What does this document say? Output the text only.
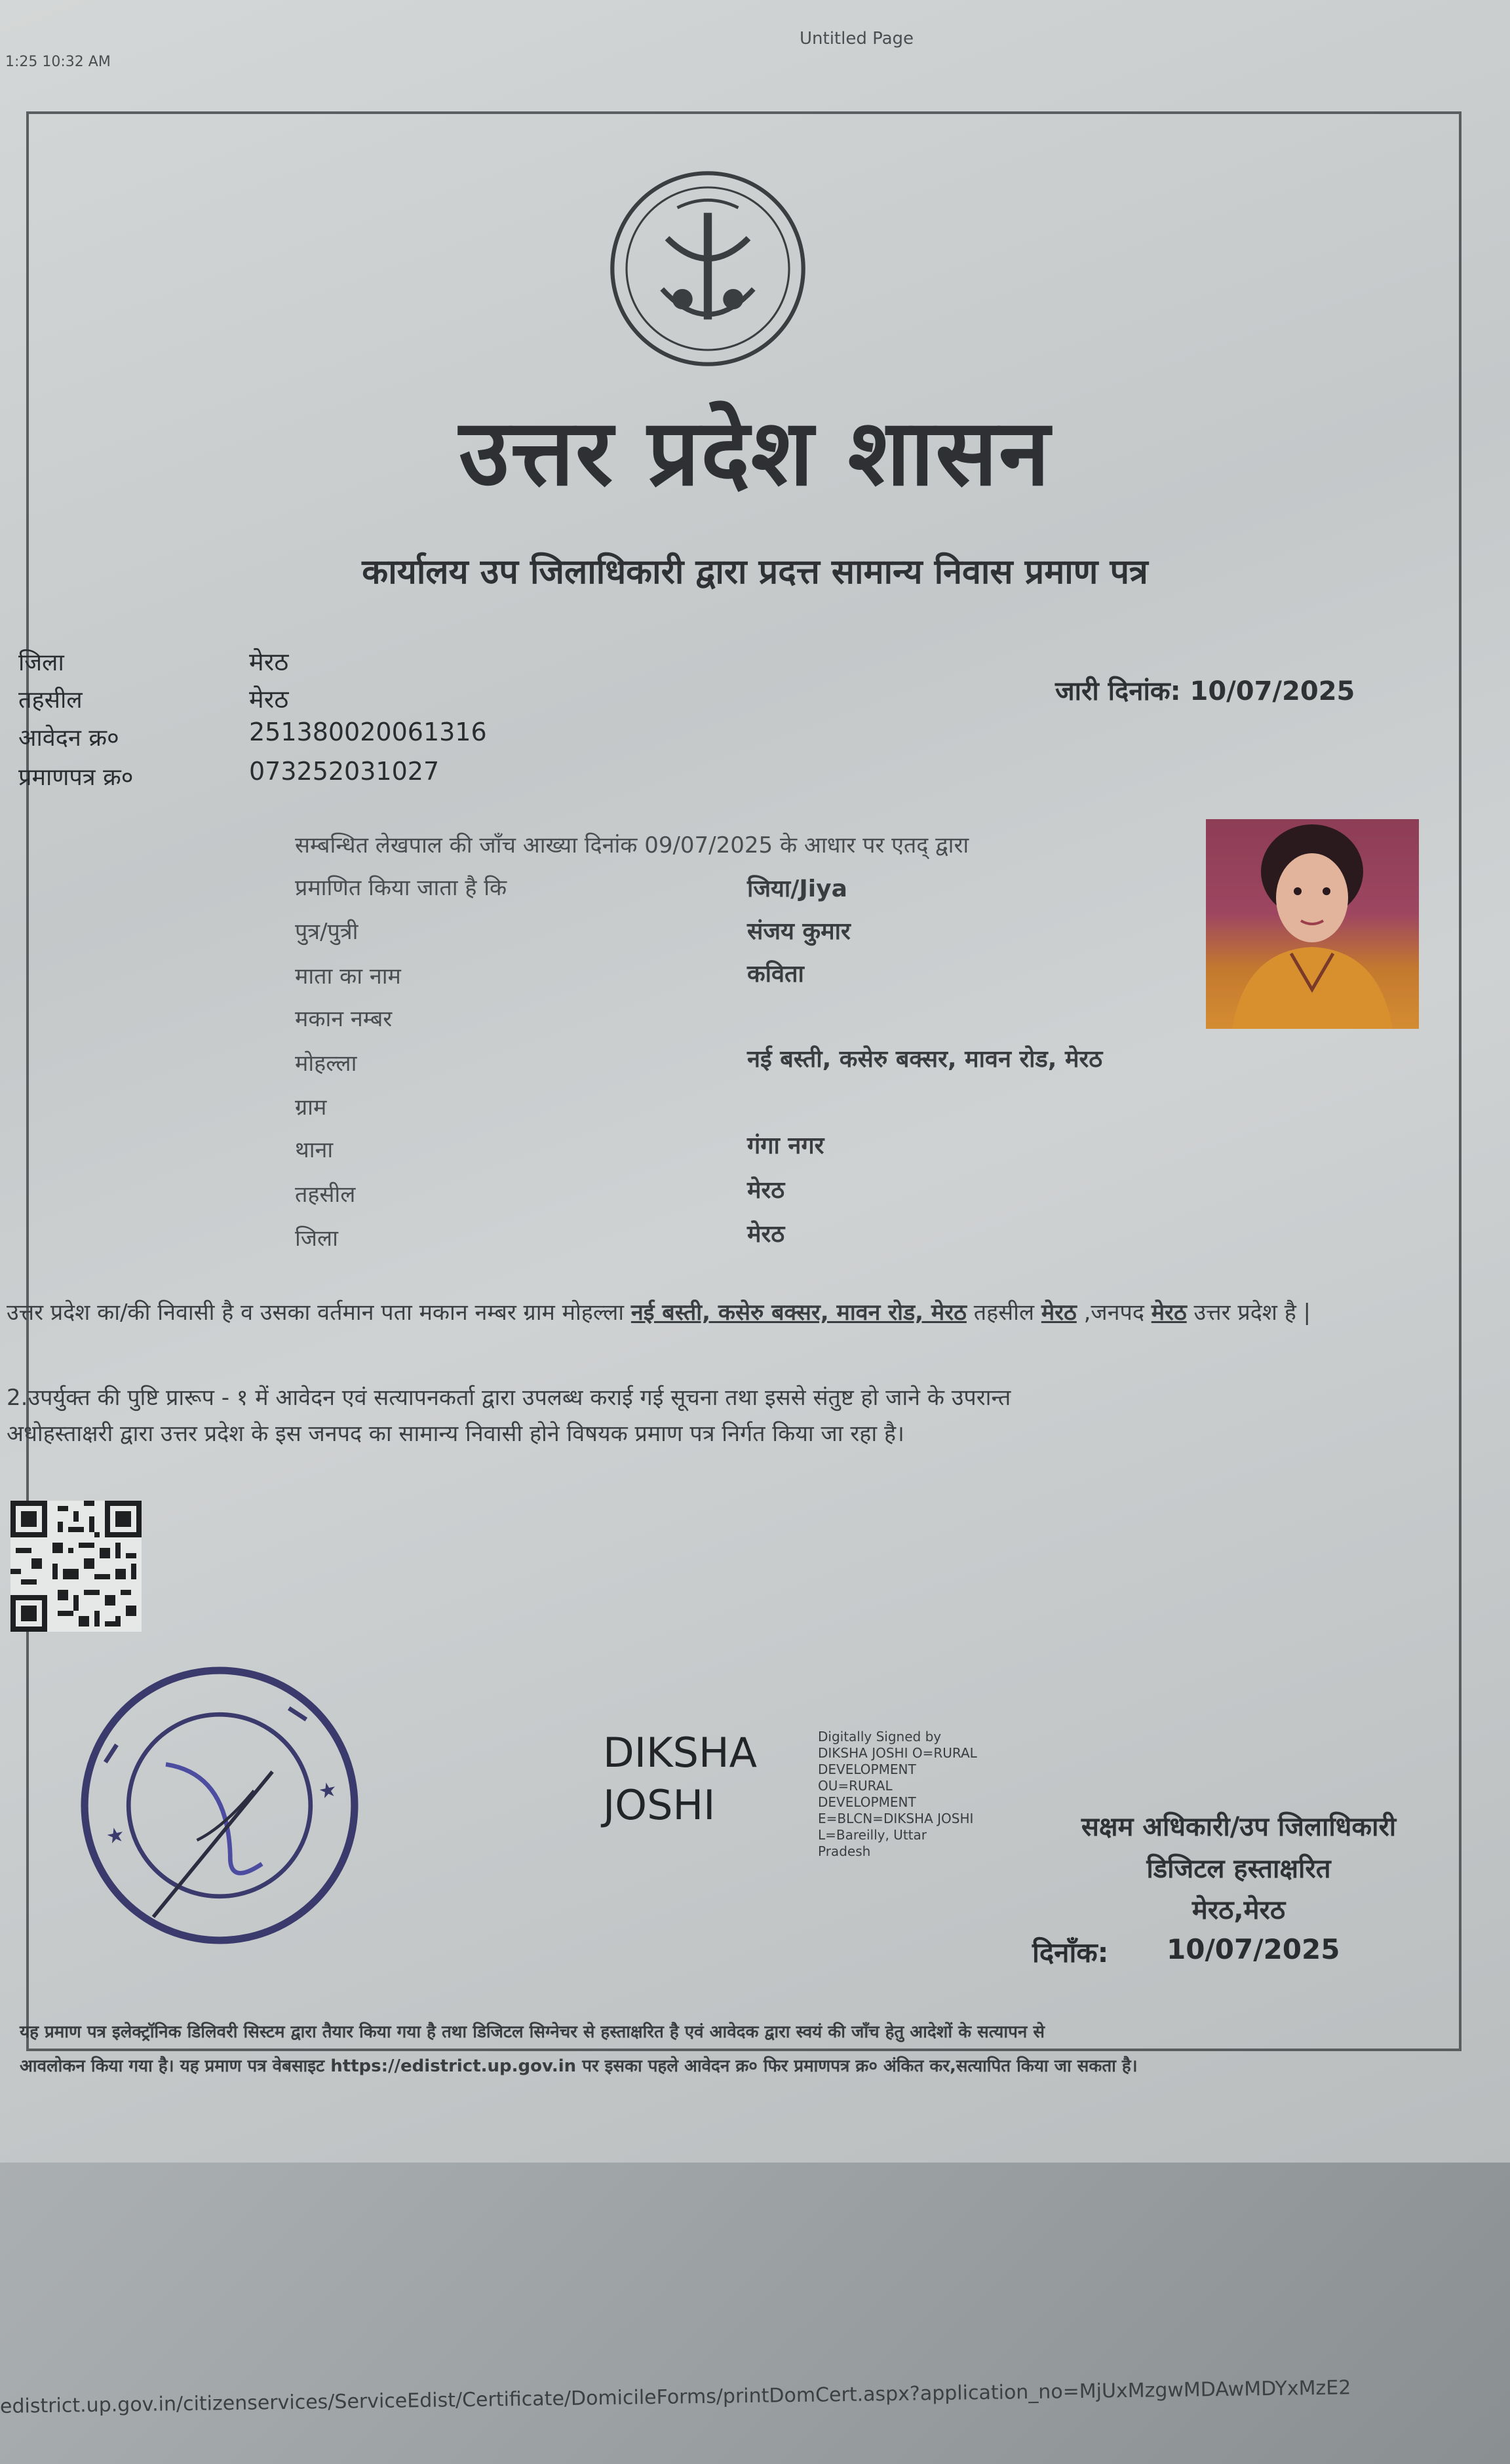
1:25 10:32 AM
Untitled Page
उत्तर प्रदेश शासन
कार्यालय उप जिलाधिकारी द्वारा प्रदत्त सामान्य निवास प्रमाण पत्र
जिला	मेरठ
तहसील	मेरठ
आवेदन क्र०	251380020061316
प्रमाणपत्र क्र०	073252031027
जारी दिनांक: 10/07/2025
सम्बन्धित लेखपाल की जाँच आख्या दिनांक 09/07/2025 के आधार पर एतद् द्वारा
प्रमाणित किया जाता है कि	जिया/Jiya
पुत्र/पुत्री	संजय कुमार
माता का नाम	कविता
मकान नम्बर
मोहल्ला	नई बस्ती, कसेरु बक्सर, मावन रोड, मेरठ
ग्राम
थाना	गंगा नगर
तहसील	मेरठ
जिला	मेरठ
उत्तर प्रदेश का/की निवासी है व उसका वर्तमान पता मकान नम्बर ग्राम मोहल्ला नई बस्ती, कसेरु बक्सर, मावन रोड, मेरठ तहसील मेरठ ,जनपद मेरठ उत्तर प्रदेश है |
2.उपर्युक्त की पुष्टि प्रारूप - १ में आवेदन एवं सत्यापनकर्ता द्वारा उपलब्ध कराई गई सूचना तथा इससे संतुष्ट हो जाने के उपरान्त
अधोहस्ताक्षरी द्वारा उत्तर प्रदेश के इस जनपद का सामान्य निवासी होने विषयक प्रमाण पत्र निर्गत किया जा रहा है।
★
★
DIKSHA
JOSHI
Digitally Signed by
DIKSHA JOSHI O=RURAL
DEVELOPMENT
OU=RURAL
DEVELOPMENT
E=BLCN=DIKSHA JOSHI
L=Bareilly, Uttar
Pradesh
सक्षम अधिकारी/उप जिलाधिकारी
डिजिटल हस्ताक्षरित
मेरठ,मेरठ
दिनाँक: 10/07/2025
यह प्रमाण पत्र इलेक्ट्रॉनिक डिलिवरी सिस्टम द्वारा तैयार किया गया है तथा डिजिटल सिग्नेचर से हस्ताक्षरित है एवं आवेदक द्वारा स्वयं की जाँच हेतु आदेशों के सत्यापन से
आवलोकन किया गया है। यह प्रमाण पत्र वेबसाइट https://edistrict.up.gov.in पर इसका पहले आवेदन क्र० फिर प्रमाणपत्र क्र० अंकित कर,सत्यापित किया जा सकता है।
edistrict.up.gov.in/citizenservices/ServiceEdist/Certificate/DomicileForms/printDomCert.aspx?application_no=MjUxMzgwMDAwMDYxMzE2
